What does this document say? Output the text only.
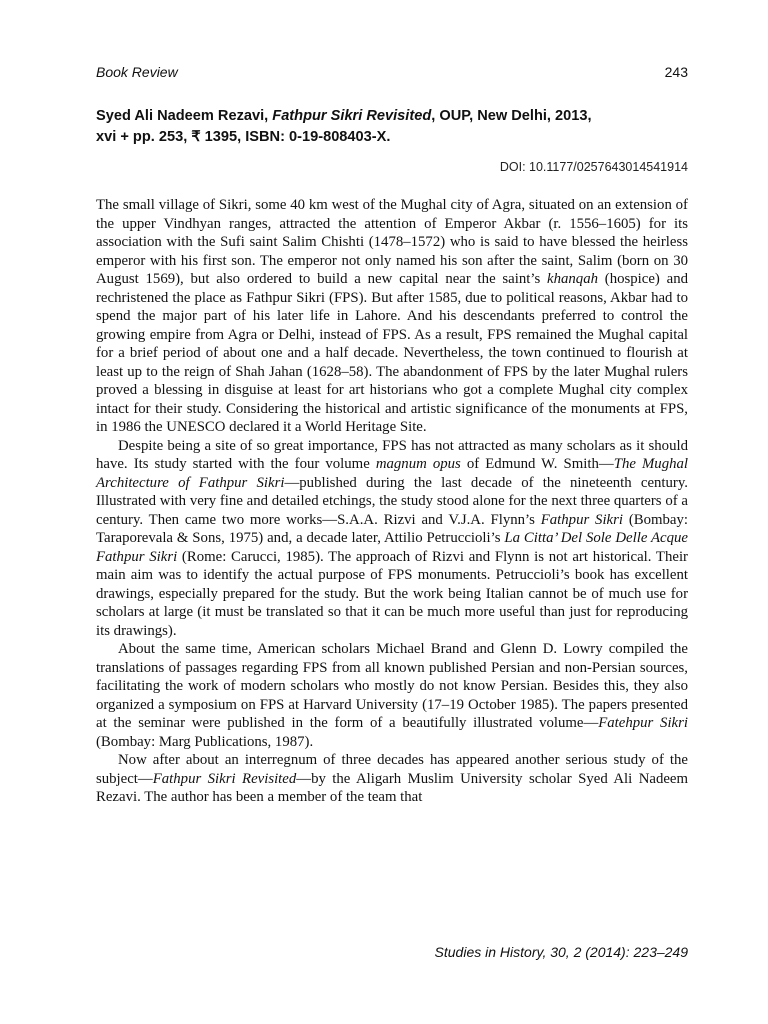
Book Review	243
Syed Ali Nadeem Rezavi, Fathpur Sikri Revisited, OUP, New Delhi, 2013,
xvi + pp. 253, ₹ 1395, ISBN: 0-19-808403-X.
DOI: 10.1177/0257643014541914

The small village of Sikri, some 40 km west of the Mughal city of Agra, situated on an extension of the upper Vindhyan ranges, attracted the attention of Emperor Akbar (r. 1556–1605) for its association with the Sufi saint Salim Chishti (1478–1572) who is said to have blessed the heirless emperor with his first son. The emperor not only named his son after the saint, Salim (born on 30 August 1569), but also ordered to build a new capital near the saint’s khanqah (hospice) and rechristened the place as Fathpur Sikri (FPS). But after 1585, due to political reasons, Akbar had to spend the major part of his later life in Lahore. And his descendants preferred to control the growing empire from Agra or Delhi, instead of FPS. As a result, FPS remained the Mughal capital for a brief period of about one and a half decade. Nevertheless, the town continued to flourish at least up to the reign of Shah Jahan (1628–58). The abandonment of FPS by the later Mughal rulers proved a blessing in disguise at least for art historians who got a complete Mughal city complex intact for their study. Considering the historical and artistic significance of the monuments at FPS, in 1986 the UNESCO declared it a World Heritage Site.

Despite being a site of so great importance, FPS has not attracted as many scholars as it should have. Its study started with the four volume magnum opus of Edmund W. Smith—The Mughal Architecture of Fathpur Sikri—published during the last decade of the nineteenth century. Illustrated with very fine and detailed etchings, the study stood alone for the next three quarters of a century. Then came two more works—S.A.A. Rizvi and V.J.A. Flynn’s Fathpur Sikri (Bombay: Taraporevala & Sons, 1975) and, a decade later, Attilio Petruccioli’s La Citta’ Del Sole Delle Acque Fathpur Sikri (Rome: Carucci, 1985). The approach of Rizvi and Flynn is not art historical. Their main aim was to identify the actual purpose of FPS monuments. Petruccioli’s book has excellent drawings, especially prepared for the study. But the work being Italian cannot be of much use for scholars at large (it must be translated so that it can be much more useful than just for reproducing its drawings).

About the same time, American scholars Michael Brand and Glenn D. Lowry compiled the translations of passages regarding FPS from all known published Persian and non-Persian sources, facilitating the work of modern scholars who mostly do not know Persian. Besides this, they also organized a symposium on FPS at Harvard University (17–19 October 1985). The papers presented at the seminar were published in the form of a beautifully illustrated volume—Fatehpur Sikri (Bombay: Marg Publications, 1987).

Now after about an interregnum of three decades has appeared another serious study of the subject—Fathpur Sikri Revisited—by the Aligarh Muslim University scholar Syed Ali Nadeem Rezavi. The author has been a member of the team that

Studies in History, 30, 2 (2014): 223–249
